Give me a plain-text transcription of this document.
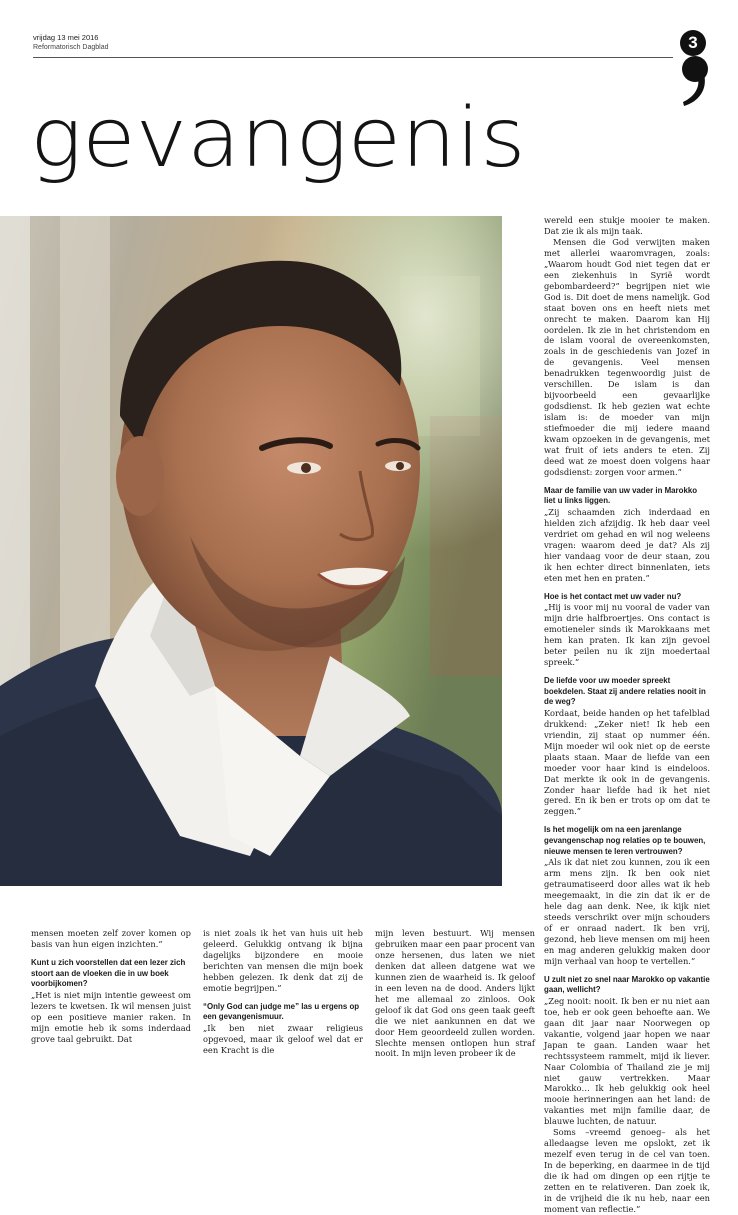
vrijdag 13 mei 2016
Reformatorisch Dagblad	3
gevangenis

wereld een stukje mooier te maken. Dat zie ik als mijn taak.

Mensen die God verwijten maken met allerlei waaromvragen, zoals: „Waarom houdt God niet tegen dat er een ziekenhuis in Syrië wordt gebombardeerd?” begrijpen niet wie God is. Dit doet de mens namelijk. God staat boven ons en heeft niets met onrecht te maken. Daarom kan Hij oordelen. Ik zie in het christendom en de islam vooral de overeenkomsten, zoals in de geschiedenis van Jozef in de gevangenis. Veel mensen benadrukken tegenwoordig juist de verschillen. De islam is dan bijvoorbeeld een gevaarlijke godsdienst. Ik heb gezien wat echte islam is: de moeder van mijn stiefmoeder die mij iedere maand kwam opzoeken in de gevangenis, met wat fruit of iets anders te eten. Zij deed wat ze moest doen volgens haar godsdienst: zorgen voor armen.”

Maar de familie van uw vader in Marokko liet u links liggen.

„Zij schaamden zich inderdaad en hielden zich afzijdig. Ik heb daar veel verdriet om gehad en wil nog weleens vragen: waarom deed je dat? Als zij hier vandaag voor de deur staan, zou ik hen echter direct binnenlaten, iets eten met hen en praten.”

Hoe is het contact met uw vader nu?

„Hij is voor mij nu vooral de vader van mijn drie halfbroertjes. Ons contact is emotieneler sinds ik Marokkaans met hem kan praten. Ik kan zijn gevoel beter peilen nu ik zijn moedertaal spreek.”

De liefde voor uw moeder spreekt boekdelen. Staat zij andere relaties nooit in de weg?

Kordaat, beide handen op het tafelblad drukkend: „Zeker niet! Ik heb een vriendin, zij staat op nummer één. Mijn moeder wil ook niet op de eerste plaats staan. Maar de liefde van een moeder voor haar kind is eindeloos. Dat merkte ik ook in de gevangenis. Zonder haar liefde had ik het niet gered. En ik ben er trots op om dat te zeggen.”

Is het mogelijk om na een jarenlange gevangenschap nog relaties op te bouwen, nieuwe mensen te leren vertrouwen?

„Als ik dat niet zou kunnen, zou ik een arm mens zijn. Ik ben ook niet getraumatiseerd door alles wat ik heb meegemaakt, in die zin dat ik er de hele dag aan denk. Nee, ik kijk niet steeds verschrikt over mijn schouders of er onraad nadert. Ik ben vrij, gezond, heb lieve mensen om mij heen en mag anderen gelukkig maken door mijn verhaal van hoop te vertellen.”

U zult niet zo snel naar Marokko op vakantie gaan, wellicht?

„Zeg nooit: nooit. Ik ben er nu niet aan toe, heb er ook geen behoefte aan. We gaan dit jaar naar Noorwegen op vakantie, volgend jaar hopen we naar Japan te gaan. Landen waar het rechtssysteem rammelt, mijd ik liever. Naar Colombia of Thailand zie je mij niet gauw vertrekken. Maar Marokko… Ik heb gelukkig ook heel mooie herinneringen aan het land: de vakanties met mijn familie daar, de blauwe luchten, de natuur.

Soms –vreemd genoeg– als het alledaagse leven me opslokt, zet ik mezelf even terug in de cel van toen. In de beperking, en daarmee in de tijd die ik had om dingen op een rijtje te zetten en te relativeren. Dan zoek ik, in de vrijheid die ik nu heb, naar een moment van reflectie.”

mensen moeten zelf zover komen op basis van hun eigen inzichten.”

Kunt u zich voorstellen dat een lezer zich stoort aan de vloeken die in uw boek voorbijkomen?

„Het is niet mijn intentie geweest om lezers te kwetsen. Ik wil mensen juist op een positieve manier raken. In mijn emotie heb ik soms inderdaad grove taal gebruikt. Dat

is niet zoals ik het van huis uit heb geleerd. Gelukkig ontvang ik bijna dagelijks bijzondere en mooie berichten van mensen die mijn boek hebben gelezen. Ik denk dat zij de emotie begrijpen.”

“Only God can judge me” las u ergens op een gevangenismuur.

„Ik ben niet zwaar religieus opgevoed, maar ik geloof wel dat er een Kracht is die

mijn leven bestuurt. Wij mensen gebruiken maar een paar procent van onze hersenen, dus laten we niet denken dat alleen datgene wat we kunnen zien de waarheid is. Ik geloof in een leven na de dood. Anders lijkt het me allemaal zo zinloos. Ook geloof ik dat God ons geen taak geeft die we niet aankunnen en dat we door Hem geoordeeld zullen worden. Slechte mensen ontlopen hun straf nooit. In mijn leven probeer ik de
